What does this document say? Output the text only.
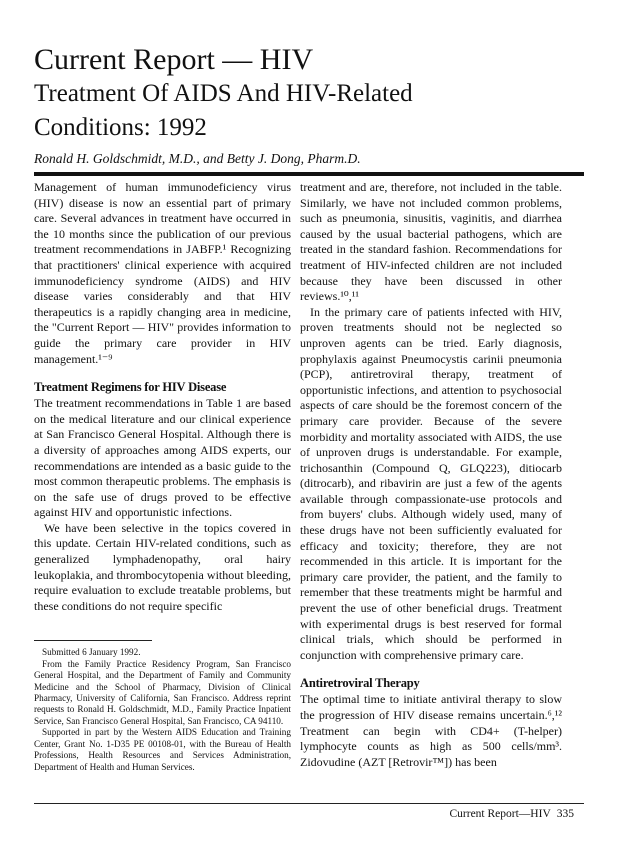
Current Report — HIV
Treatment Of AIDS And HIV-Related
Conditions: 1992
Ronald H. Goldschmidt, M.D., and Betty J. Dong, Pharm.D.

Management of human immunodeficiency virus (HIV) disease is now an essential part of primary care. Several advances in treatment have occurred in the 10 months since the publication of our previous treatment recommendations in JABFP.¹ Recognizing that practitioners' clinical experience with acquired immunodeficiency syndrome (AIDS) and HIV disease varies considerably and that HIV therapeutics is a rapidly changing area in medicine, the "Current Report — HIV" provides information to guide the primary care provider in HIV management.¹⁻⁹

Treatment Regimens for HIV Disease

The treatment recommendations in Table 1 are based on the medical literature and our clinical experience at San Francisco General Hospital. Although there is a diversity of approaches among AIDS experts, our recommendations are intended as a basic guide to the most common therapeutic problems. The emphasis is on the safe use of drugs proved to be effective against HIV and opportunistic infections.

We have been selective in the topics covered in this update. Certain HIV-related conditions, such as generalized lymphadenopathy, oral hairy leukoplakia, and thrombocytopenia without bleeding, require evaluation to exclude treatable problems, but these conditions do not require specific

Submitted 6 January 1992.

From the Family Practice Residency Program, San Francisco General Hospital, and the Department of Family and Community Medicine and the School of Pharmacy, Division of Clinical Pharmacy, University of California, San Francisco. Address reprint requests to Ronald H. Goldschmidt, M.D., Family Practice Inpatient Service, San Francisco General Hospital, San Francisco, CA 94110.

Supported in part by the Western AIDS Education and Training Center, Grant No. 1-D35 PE 00108-01, with the Bureau of Health Professions, Health Resources and Services Administration, Department of Health and Human Services.

treatment and are, therefore, not included in the table. Similarly, we have not included common problems, such as pneumonia, sinusitis, vaginitis, and diarrhea caused by the usual bacterial pathogens, which are treated in the standard fashion. Recommendations for treatment of HIV-infected children are not included because they have been discussed in other reviews.¹⁰,¹¹

In the primary care of patients infected with HIV, proven treatments should not be neglected so unproven agents can be tried. Early diagnosis, prophylaxis against Pneumocystis carinii pneumonia (PCP), antiretroviral therapy, treatment of opportunistic infections, and attention to psychosocial aspects of care should be the foremost concern of the primary care provider. Because of the severe morbidity and mortality associated with AIDS, the use of unproven drugs is understandable. For example, trichosanthin (Compound Q, GLQ223), ditiocarb (ditrocarb), and ribavirin are just a few of the agents available through compassionate-use protocols and from buyers' clubs. Although widely used, many of these drugs have not been sufficiently evaluated for efficacy and toxicity; therefore, they are not recommended in this article. It is important for the primary care provider, the patient, and the family to remember that these treatments might be harmful and prevent the use of other beneficial drugs. Treatment with experimental drugs is best reserved for formal clinical trials, which should be performed in conjunction with comprehensive primary care.

Antiretroviral Therapy

The optimal time to initiate antiviral therapy to slow the progression of HIV disease remains uncertain.⁶,¹² Treatment can begin with CD4+ (T-helper) lymphocyte counts as high as 500 cells/mm³. Zidovudine (AZT [Retrovir™]) has been

Current Report—HIV 335
